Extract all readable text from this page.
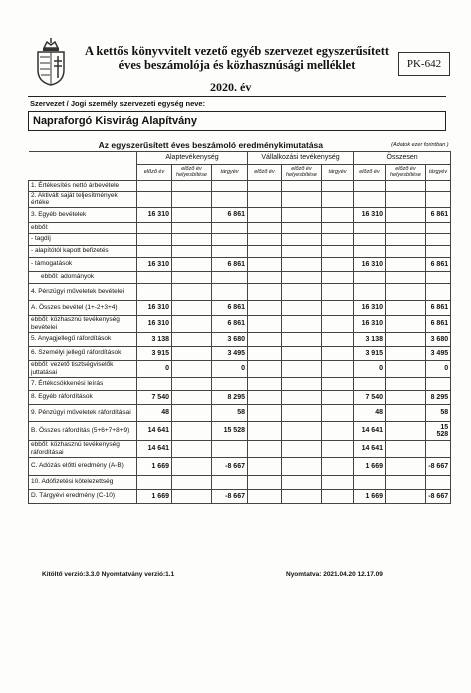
A kettős könyvvitelt vezető egyéb szervezet egyszerűsített
éves beszámolója és közhasznúsági melléklet
2020. év
PK-642
Szervezet / Jogi személy szervezeti egység neve:
Napraforgó Kisvirág Alapítvány
(Adatok ezer forintban )
Az egyszerűsített éves beszámoló eredménykimutatása									

	Alaptevékenység			Vállalkozási tevékenység			Összesen		
	előző év	előző év helyesbítése	tárgyév	előző év	előző év helyesbítése	tárgyév	előző év	előző év helyesbítése	tárgyév
1. Értékesítés nettó árbevétele									
2. Aktivált saját teljesítmények értéke									
3. Egyéb bevételek	16 310		6 861				16 310		6 861
ebből:									
- tagdíj									
- alapítótól kapott befizetés									
- támogatások	16 310		6 861				16 310		6 861
ebből: adományok									
4. Pénzügyi műveletek bevételei									
A. Összes bevétel (1+-2+3+4)	16 310		6 861				16 310		6 861
ebből: közhasznú tevékenység bevételei	16 310		6 861				16 310		6 861
5. Anyagjellegű ráfordítások	3 138		3 680				3 138		3 680
6. Személyi jellegű ráfordítások	3 915		3 495				3 915		3 495
ebből: vezető tisztségviselők juttatásai	0		0				0		0
7. Értékcsökkenési leírás									
8. Egyéb ráfordítások	7 540		8 295				7 540		8 295
9. Pénzügyi műveletek ráfordításai	48		58				48		58
B. Összes ráfordítás (5+6+7+8+9)	14 641		15 528				14 641		15 528
ebből: közhasznú tevékenység ráfordításai	14 641						14 641		
C. Adózás előtti eredmény (A-B)	1 669		-8 667				1 669		-8 667
10. Adófizetési kötelezettség									
D. Tárgyévi eredmény (C-10)	1 669		-8 667				1 669		-8 667
Kitöltő verzió:3.3.0 Nyomtatvány verzió:1.1	Nyomtatva: 2021.04.20 12.17.09
